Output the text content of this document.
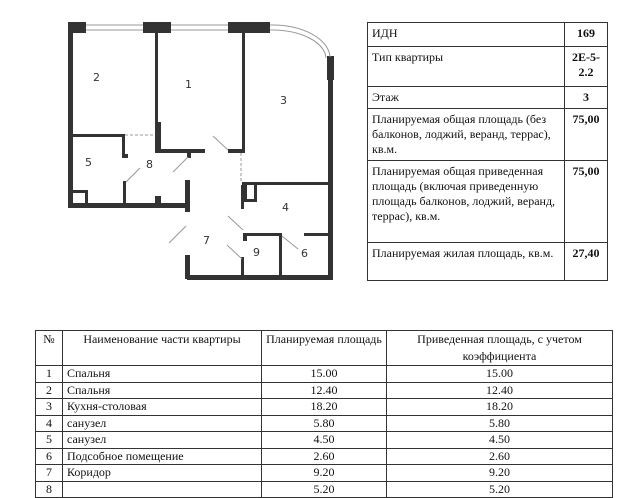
1
2
3
4
5
6
7
8
9
ИДН	169
Тип квартиры	2Е-5-2.2
Этаж	3
Планируемая общая площадь (без балконов, лоджий, веранд, террас), кв.м.	75,00
Планируемая общая приведенная площадь (включая приведенную площадь балконов, лоджий, веранд, террас), кв.м.	75,00
Планируемая жилая площадь, кв.м.	27,40
№	Наименование части квартиры	Планируемая площадь	Приведенная площадь, с учетом коэффициента
1	Спальня	15.00	15.00
2	Спальня	12.40	12.40
3	Кухня-столовая	18.20	18.20
4	санузел	5.80	5.80
5	санузел	4.50	4.50
6	Подсобное помещение	2.60	2.60
7	Коридор	9.20	9.20
8		5.20	5.20
